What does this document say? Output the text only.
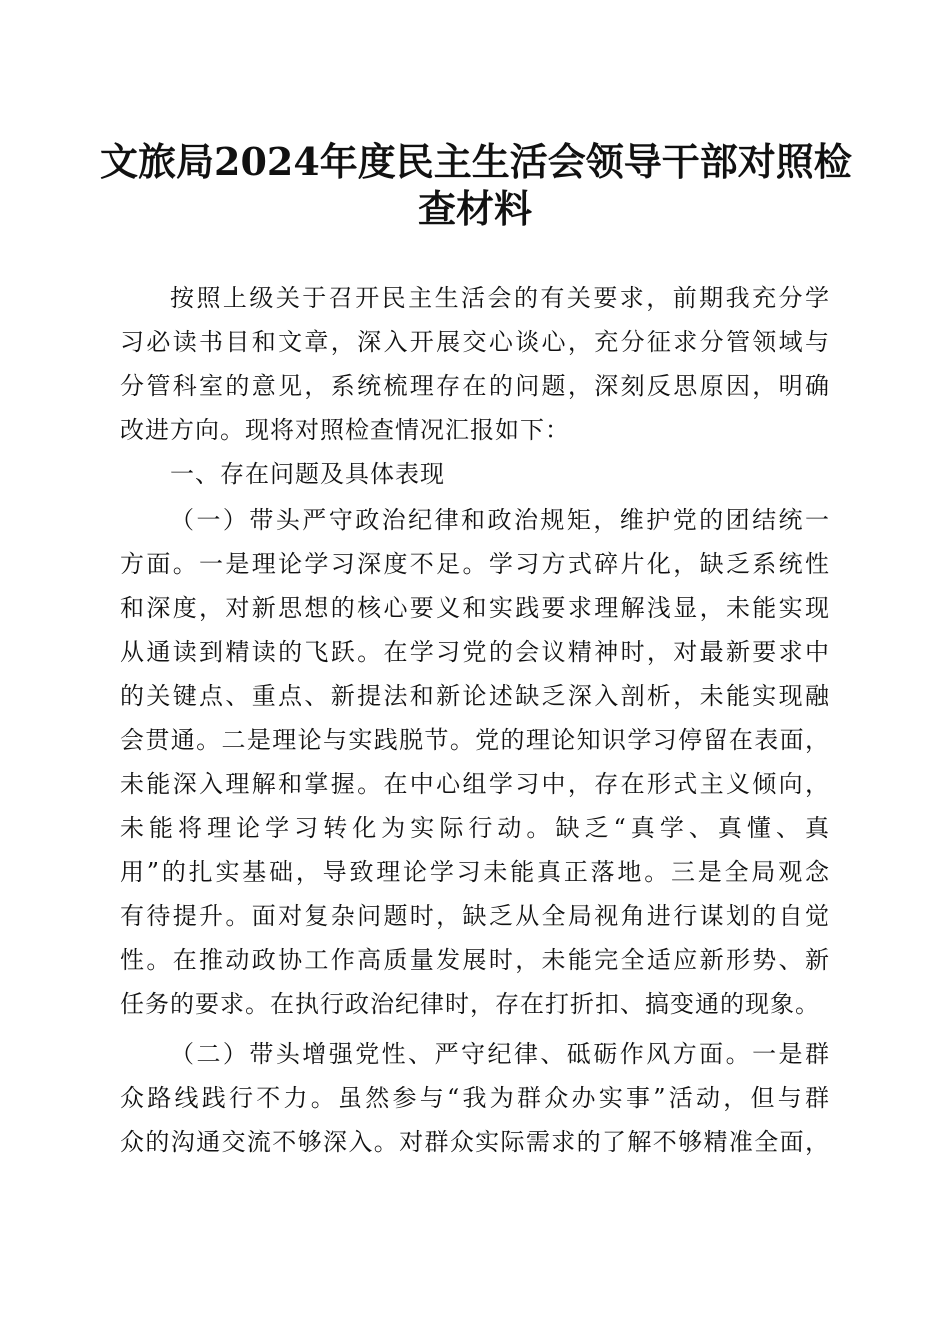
文旅局2024年度民主生活会领导干部对照检
查材料
按照上级关于召开民主生活会的有关要求，前期我充分学
习必读书目和文章，深入开展交心谈心，充分征求分管领域与
分管科室的意见，系统梳理存在的问题，深刻反思原因，明确
改进方向。现将对照检查情况汇报如下：
一、存在问题及具体表现
（一）带头严守政治纪律和政治规矩，维护党的团结统一
方面。一是理论学习深度不足。学习方式碎片化，缺乏系统性
和深度，对新思想的核心要义和实践要求理解浅显，未能实现
从通读到精读的飞跃。在学习党的会议精神时，对最新要求中
的关键点、重点、新提法和新论述缺乏深入剖析，未能实现融
会贯通。二是理论与实践脱节。党的理论知识学习停留在表面，
未能深入理解和掌握。在中心组学习中，存在形式主义倾向，
未能将理论学习转化为实际行动。缺乏“真学、真懂、真
用”的扎实基础，导致理论学习未能真正落地。三是全局观念
有待提升。面对复杂问题时，缺乏从全局视角进行谋划的自觉
性。在推动政协工作高质量发展时，未能完全适应新形势、新
任务的要求。在执行政治纪律时，存在打折扣、搞变通的现象。
（二）带头增强党性、严守纪律、砥砺作风方面。一是群
众路线践行不力。虽然参与“我为群众办实事”活动，但与群
众的沟通交流不够深入。对群众实际需求的了解不够精准全面，
